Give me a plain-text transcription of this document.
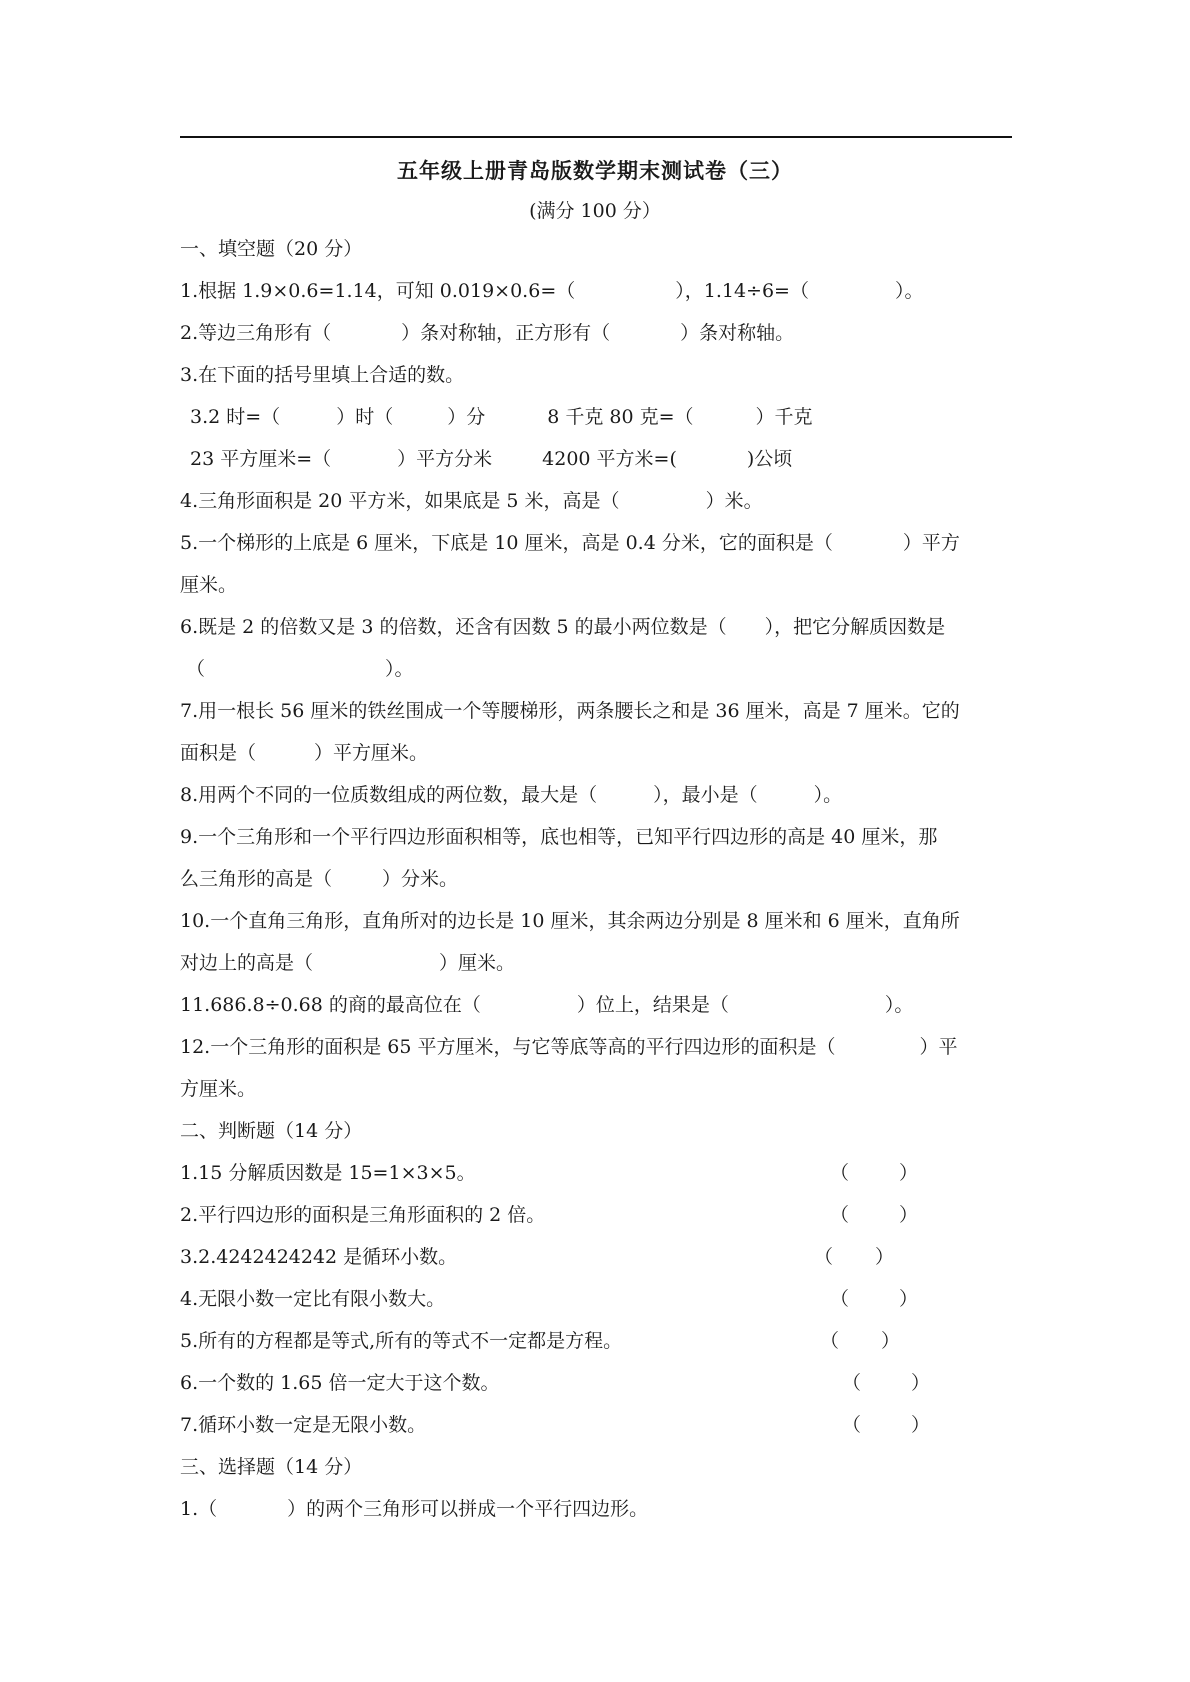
五年级上册青岛版数学期末测试卷（三）
(满分 100 分）
一、填空题（20 分）
1.根据 1.9×0.6=1.14，可知 0.019×0.6=（	），1.14÷6=（	）。
2.等边三角形有（	）条对称轴，正方形有（	）条对称轴。
3.在下面的括号里填上合适的数。
3.2 时=（	）时（	）分	8 千克 80 克=（	）千克
23 平方厘米=（	）平方分米	4200 平方米=(	)公顷
4.三角形面积是 20 平方米，如果底是 5 米，高是（	）米。
5.一个梯形的上底是 6 厘米，下底是 10 厘米，高是 0.4 分米，它的面积是（	）平方
厘米。
6.既是 2 的倍数又是 3 的倍数，还含有因数 5 的最小两位数是（ ），把它分解质因数是
（	）。
7.用一根长 56 厘米的铁丝围成一个等腰梯形，两条腰长之和是 36 厘米，高是 7 厘米。它的
面积是（	）平方厘米。
8.用两个不同的一位质数组成的两位数，最大是（	），最小是（	）。
9.一个三角形和一个平行四边形面积相等，底也相等，已知平行四边形的高是 40 厘米，那
么三角形的高是（	）分米。
10.一个直角三角形，直角所对的边长是 10 厘米，其余两边分别是 8 厘米和 6 厘米，直角所
对边上的高是（	）厘米。
11.686.8÷0.68 的商的最高位在（	）位上，结果是（	）。
12.一个三角形的面积是 65 平方厘米，与它等底等高的平行四边形的面积是（	）平
方厘米。
二、判断题（14 分）
1.15 分解质因数是 15=1×3×5。	（	）
2.平行四边形的面积是三角形面积的 2 倍。	（	）
3.2.4242424242 是循环小数。	（ ）
4.无限小数一定比有限小数大。	（	）
5.所有的方程都是等式,所有的等式不一定都是方程。	（ ）
6.一个数的 1.65 倍一定大于这个数。	（	）
7.循环小数一定是无限小数。	（	）
三、选择题（14 分）
1.（	）的两个三角形可以拼成一个平行四边形。
